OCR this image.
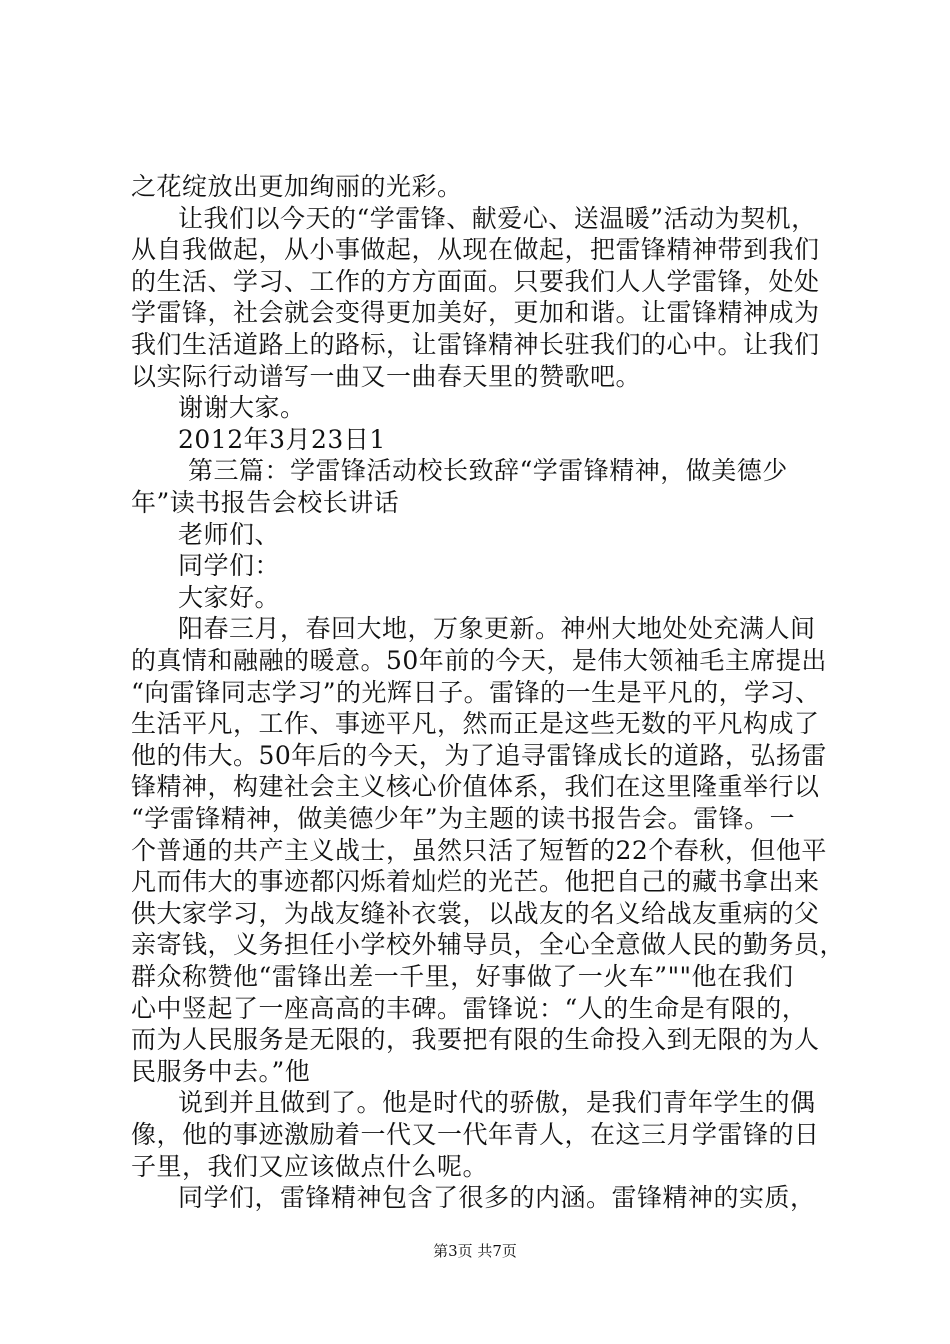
之花绽放出更加绚丽的光彩。
让我们以今天的“学雷锋、献爱心、送温暖”活动为契机，
从自我做起，从小事做起，从现在做起，把雷锋精神带到我们
的生活、学习、工作的方方面面。只要我们人人学雷锋，处处
学雷锋，社会就会变得更加美好，更加和谐。让雷锋精神成为
我们生活道路上的路标，让雷锋精神长驻我们的心中。让我们
以实际行动谱写一曲又一曲春天里的赞歌吧。
谢谢大家。
2012年3月23日1
第三篇：学雷锋活动校长致辞“学雷锋精神，做美德少
年”读书报告会校长讲话
老师们、
同学们：
大家好。
阳春三月，春回大地，万象更新。神州大地处处充满人间
的真情和融融的暖意。50年前的今天，是伟大领袖毛主席提出
“向雷锋同志学习”的光辉日子。雷锋的一生是平凡的，学习、
生活平凡，工作、事迹平凡，然而正是这些无数的平凡构成了
他的伟大。50年后的今天，为了追寻雷锋成长的道路，弘扬雷
锋精神，构建社会主义核心价值体系，我们在这里隆重举行以
“学雷锋精神，做美德少年”为主题的读书报告会。雷锋。一
个普通的共产主义战士，虽然只活了短暂的22个春秋，但他平
凡而伟大的事迹都闪烁着灿烂的光芒。他把自己的藏书拿出来
供大家学习，为战友缝补衣裳，以战友的名义给战友重病的父
亲寄钱，义务担任小学校外辅导员，全心全意做人民的勤务员，
群众称赞他“雷锋出差一千里，好事做了一火车”""他在我们
心中竖起了一座高高的丰碑。雷锋说：“人的生命是有限的，
而为人民服务是无限的，我要把有限的生命投入到无限的为人
民服务中去。”他
说到并且做到了。他是时代的骄傲，是我们青年学生的偶
像，他的事迹激励着一代又一代年青人，在这三月学雷锋的日
子里，我们又应该做点什么呢。
同学们，雷锋精神包含了很多的内涵。雷锋精神的实质，
第3页 共7页
